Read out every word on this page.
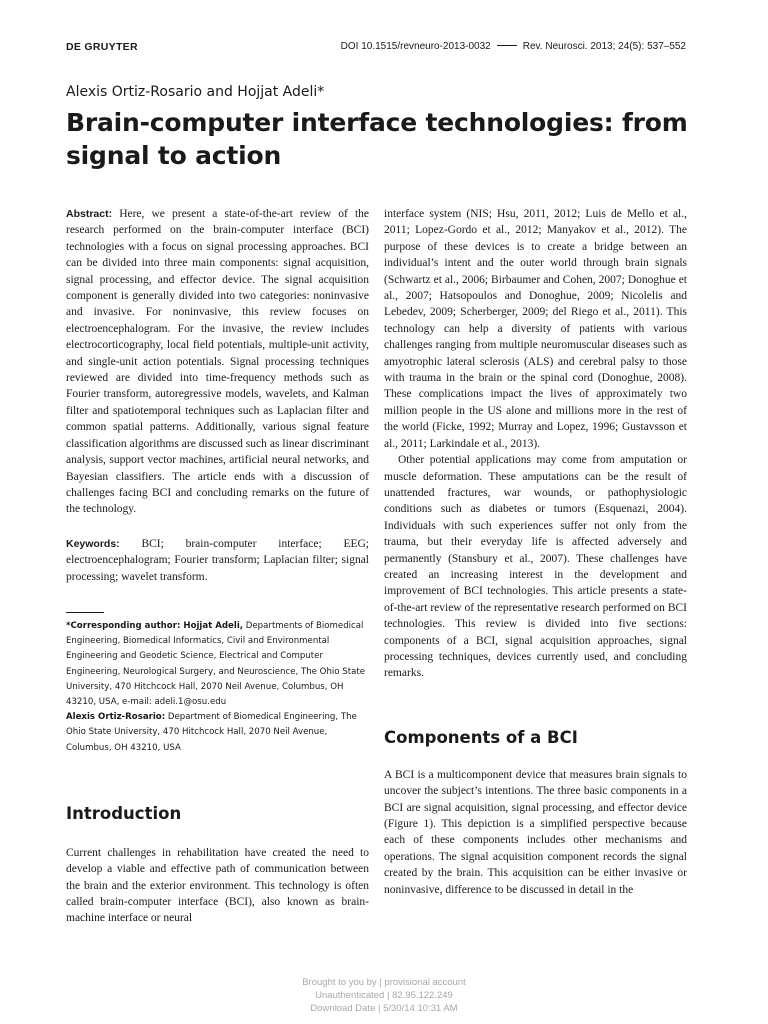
DE GRUYTER	DOI 10.1515/revneuro-2013-0032	Rev. Neurosci. 2013; 24(5): 537–552
Alexis Ortiz-Rosario and Hojjat Adeli*
Brain-computer interface technologies: from signal to action

Abstract: Here, we present a state-of-the-art review of the research performed on the brain-computer interface (BCI) technologies with a focus on signal processing approaches. BCI can be divided into three main components: signal acquisition, signal processing, and effector device. The signal acquisition component is generally divided into two categories: noninvasive and invasive. For noninvasive, this review focuses on electroencephalogram. For the invasive, the review includes electrocorticography, local field potentials, multiple-unit activity, and single-unit action potentials. Signal processing techniques reviewed are divided into time-frequency methods such as Fourier transform, autoregressive models, wavelets, and Kalman filter and spatiotemporal techniques such as Laplacian filter and common spatial patterns. Additionally, various signal feature classification algorithms are discussed such as linear discriminant analysis, support vector machines, artificial neural networks, and Bayesian classifiers. The article ends with a discussion of challenges facing BCI and concluding remarks on the future of the technology.

Keywords: BCI; brain-computer interface; EEG; electroencephalogram; Fourier transform; Laplacian filter; signal processing; wavelet transform.

*Corresponding author: Hojjat Adeli, Departments of Biomedical Engineering, Biomedical Informatics, Civil and Environmental Engineering and Geodetic Science, Electrical and Computer Engineering, Neurological Surgery, and Neuroscience, The Ohio State University, 470 Hitchcock Hall, 2070 Neil Avenue, Columbus, OH 43210, USA, e-mail: adeli.1@osu.edu
Alexis Ortiz-Rosario: Department of Biomedical Engineering, The Ohio State University, 470 Hitchcock Hall, 2070 Neil Avenue, Columbus, OH 43210, USA
Introduction

Current challenges in rehabilitation have created the need to develop a viable and effective path of communication between the brain and the exterior environment. This technology is often called brain-computer interface (BCI), also known as brain-machine interface or neural

interface system (NIS; Hsu, 2011, 2012; Luis de Mello et al., 2011; Lopez-Gordo et al., 2012; Manyakov et al., 2012). The purpose of these devices is to create a bridge between an individual’s intent and the outer world through brain signals (Schwartz et al., 2006; Birbaumer and Cohen, 2007; Donoghue et al., 2007; Hatsopoulos and Donoghue, 2009; Nicolelis and Lebedev, 2009; Scherberger, 2009; del Riego et al., 2011). This technology can help a diversity of patients with various challenges ranging from multiple neuromuscular diseases such as amyotrophic lateral sclerosis (ALS) and cerebral palsy to those with trauma in the brain or the spinal cord (Donoghue, 2008). These complications impact the lives of approximately two million people in the US alone and millions more in the rest of the world (Ficke, 1992; Murray and Lopez, 1996; Gustavsson et al., 2011; Larkindale et al., 2013).

Other potential applications may come from amputation or muscle deformation. These amputations can be the result of unattended fractures, war wounds, or pathophysiologic conditions such as diabetes or tumors (Esquenazi, 2004). Individuals with such experiences suffer not only from the trauma, but their everyday life is affected adversely and permanently (Stansbury et al., 2007). These challenges have created an increasing interest in the development and improvement of BCI technologies. This article presents a state-of-the-art review of the representative research performed on BCI technologies. This review is divided into five sections: components of a BCI, signal acquisition approaches, signal processing techniques, devices currently used, and concluding remarks.

Components of a BCI

A BCI is a multicomponent device that measures brain signals to uncover the subject’s intentions. The three basic components in a BCI are signal acquisition, signal processing, and effector device (Figure 1). This depiction is a simplified perspective because each of these components includes other mechanisms and operations. The signal acquisition component records the signal created by the brain. This acquisition can be either invasive or noninvasive, difference to be discussed in detail in the

Brought to you by | provisional account
Unauthenticated | 82.95.122.249
Download Date | 5/30/14 10:31 AM
